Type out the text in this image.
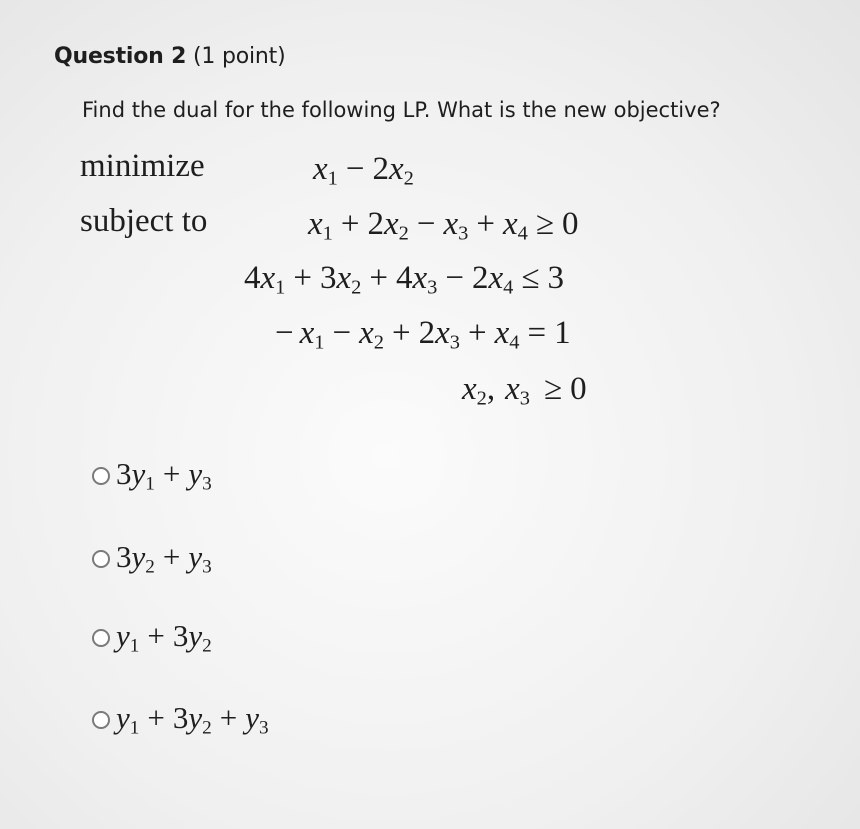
Question 2 (1 point)
Find the dual for the following LP. What is the new objective?
minimize
subject to
$x_1 - 2x_2$
$x_1 + 2x_2 - x_3 + x_4 \ge 0$
$4x_1 + 3x_2 + 4x_3 - 2x_4 \le 3$
− $x_1 - x_2 + 2x_3 + x_4 = 1$
$x_2$, $x_3 \ge 0$
$3y_1 + y_3$
$3y_2 + y_3$
$y_1 + 3y_2$
$y_1 + 3y_2 + y_3$
